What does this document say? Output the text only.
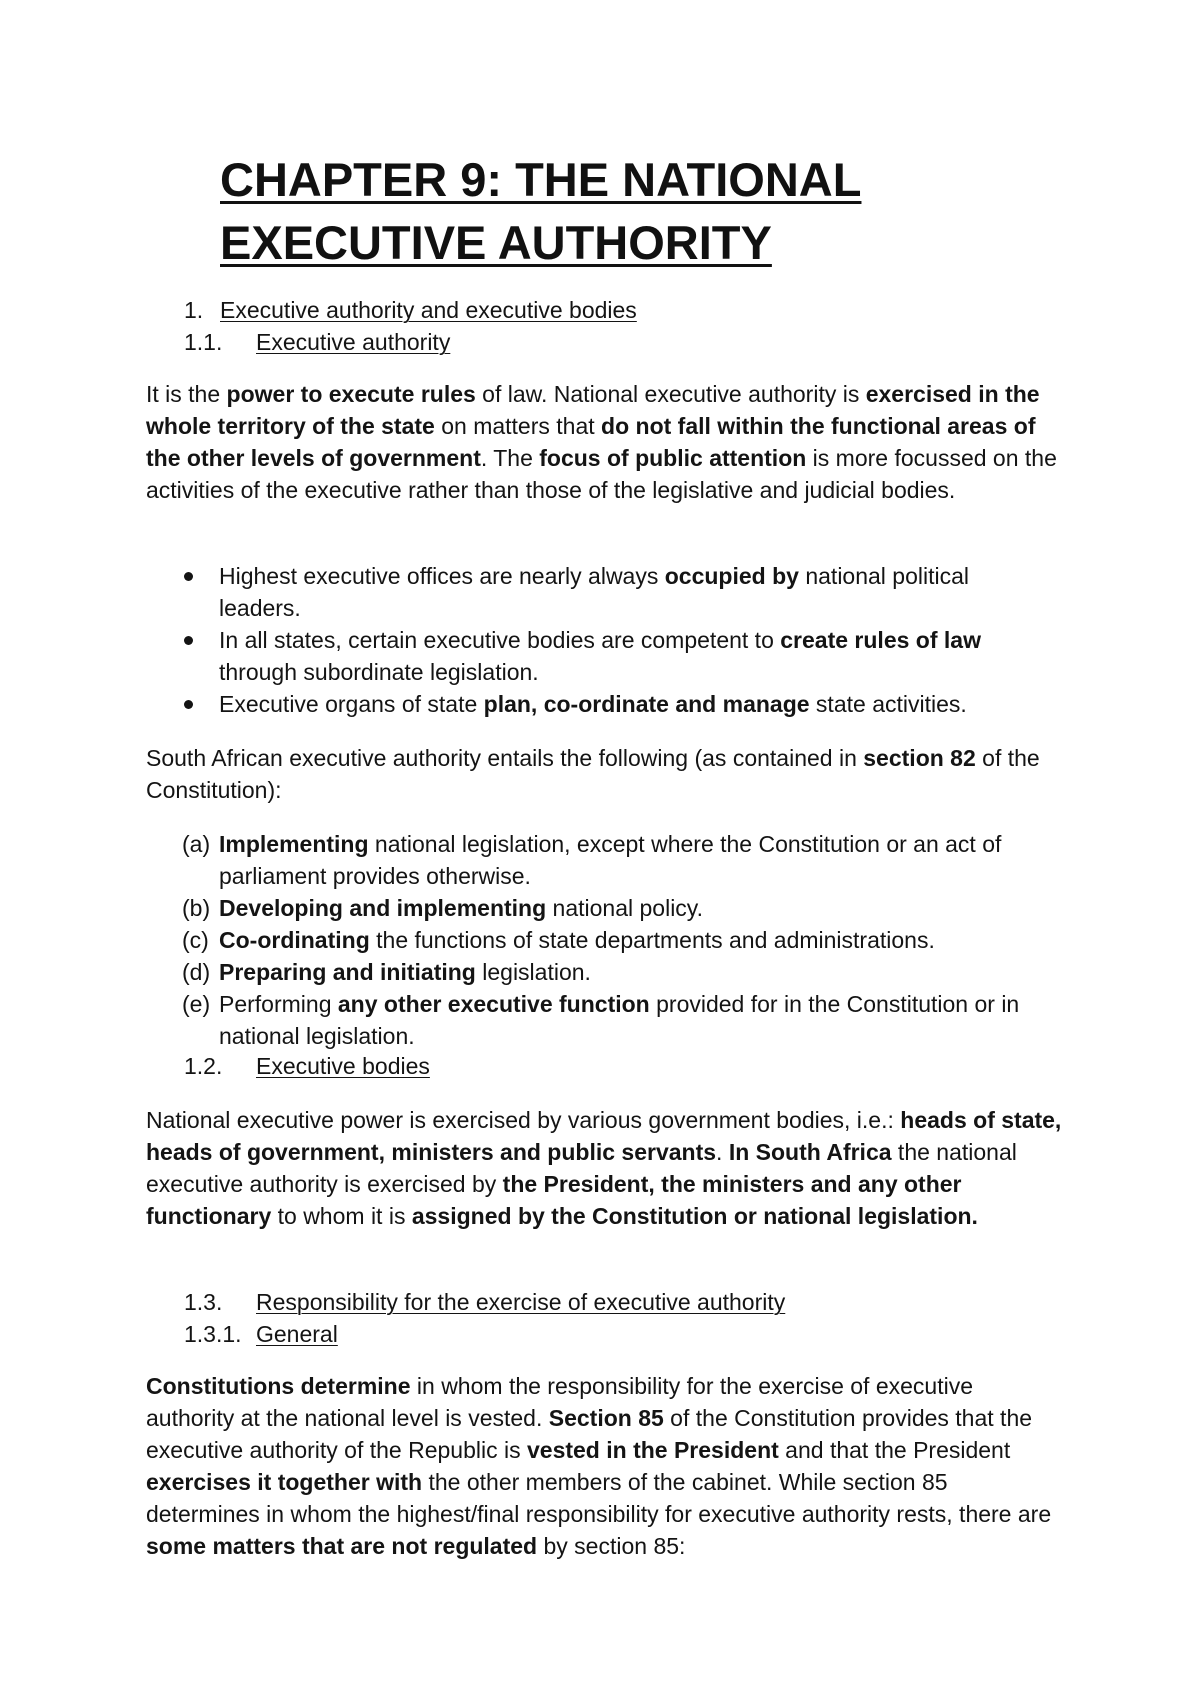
CHAPTER 9: THE NATIONAL EXECUTIVE AUTHORITY
1. Executive authority and executive bodies
1.1. Executive authority

It is the power to execute rules of law. National executive authority is exercised in the whole territory of the state on matters that do not fall within the functional areas of the other levels of government. The focus of public attention is more focussed on the activities of the executive rather than those of the legislative and judicial bodies.

Highest executive offices are nearly always occupied by national political leaders.
In all states, certain executive bodies are competent to create rules of law through subordinate legislation.
Executive organs of state plan, co-ordinate and manage state activities.

South African executive authority entails the following (as contained in section 82 of the Constitution):

(a) Implementing national legislation, except where the Constitution or an act of parliament provides otherwise.
(b) Developing and implementing national policy.
(c) Co-ordinating the functions of state departments and administrations.
(d) Preparing and initiating legislation.
(e) Performing any other executive function provided for in the Constitution or in national legislation.
1.2. Executive bodies

National executive power is exercised by various government bodies, i.e.: heads of state, heads of government, ministers and public servants. In South Africa the national executive authority is exercised by the President, the ministers and any other functionary to whom it is assigned by the Constitution or national legislation.

1.3. Responsibility for the exercise of executive authority
1.3.1. General

Constitutions determine in whom the responsibility for the exercise of executive authority at the national level is vested. Section 85 of the Constitution provides that the executive authority of the Republic is vested in the President and that the President exercises it together with the other members of the cabinet. While section 85 determines in whom the highest/final responsibility for executive authority rests, there are some matters that are not regulated by section 85:
